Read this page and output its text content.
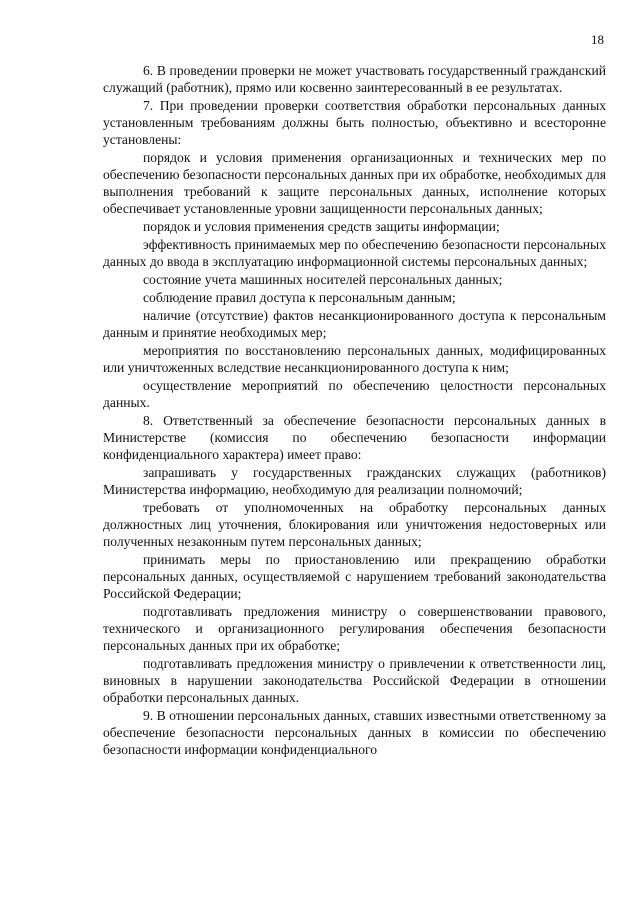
18

6. В проведении проверки не может участвовать государственный гражданский служащий (работник), прямо или косвенно заинтересованный в ее результатах.

7. При проведении проверки соответствия обработки персональных данных установленным требованиям должны быть полностью, объективно и всесторонне установлены:

порядок и условия применения организационных и технических мер по обеспечению безопасности персональных данных при их обработке, необходимых для выполнения требований к защите персональных данных, исполнение которых обеспечивает установленные уровни защищенности персональных данных;

порядок и условия применения средств защиты информации;

эффективность принимаемых мер по обеспечению безопасности персональных данных до ввода в эксплуатацию информационной системы персональных данных;

состояние учета машинных носителей персональных данных;

соблюдение правил доступа к персональным данным;

наличие (отсутствие) фактов несанкционированного доступа к персональным данным и принятие необходимых мер;

мероприятия по восстановлению персональных данных, модифицированных или уничтоженных вследствие несанкционированного доступа к ним;

осуществление мероприятий по обеспечению целостности персональных данных.

8. Ответственный за обеспечение безопасности персональных данных в Министерстве (комиссия по обеспечению безопасности информации конфиденциального характера) имеет право:

запрашивать у государственных гражданских служащих (работников) Министерства информацию, необходимую для реализации полномочий;

требовать от уполномоченных на обработку персональных данных должностных лиц уточнения, блокирования или уничтожения недостоверных или полученных незаконным путем персональных данных;

принимать меры по приостановлению или прекращению обработки персональных данных, осуществляемой с нарушением требований законодательства Российской Федерации;

подготавливать предложения министру о совершенствовании правового, технического и организационного регулирования обеспечения безопасности персональных данных при их обработке;

подготавливать предложения министру о привлечении к ответственности лиц, виновных в нарушении законодательства Российской Федерации в отношении обработки персональных данных.

9. В отношении персональных данных, ставших известными ответственному за обеспечение безопасности персональных данных в комиссии по обеспечению безопасности информации конфиденциального
